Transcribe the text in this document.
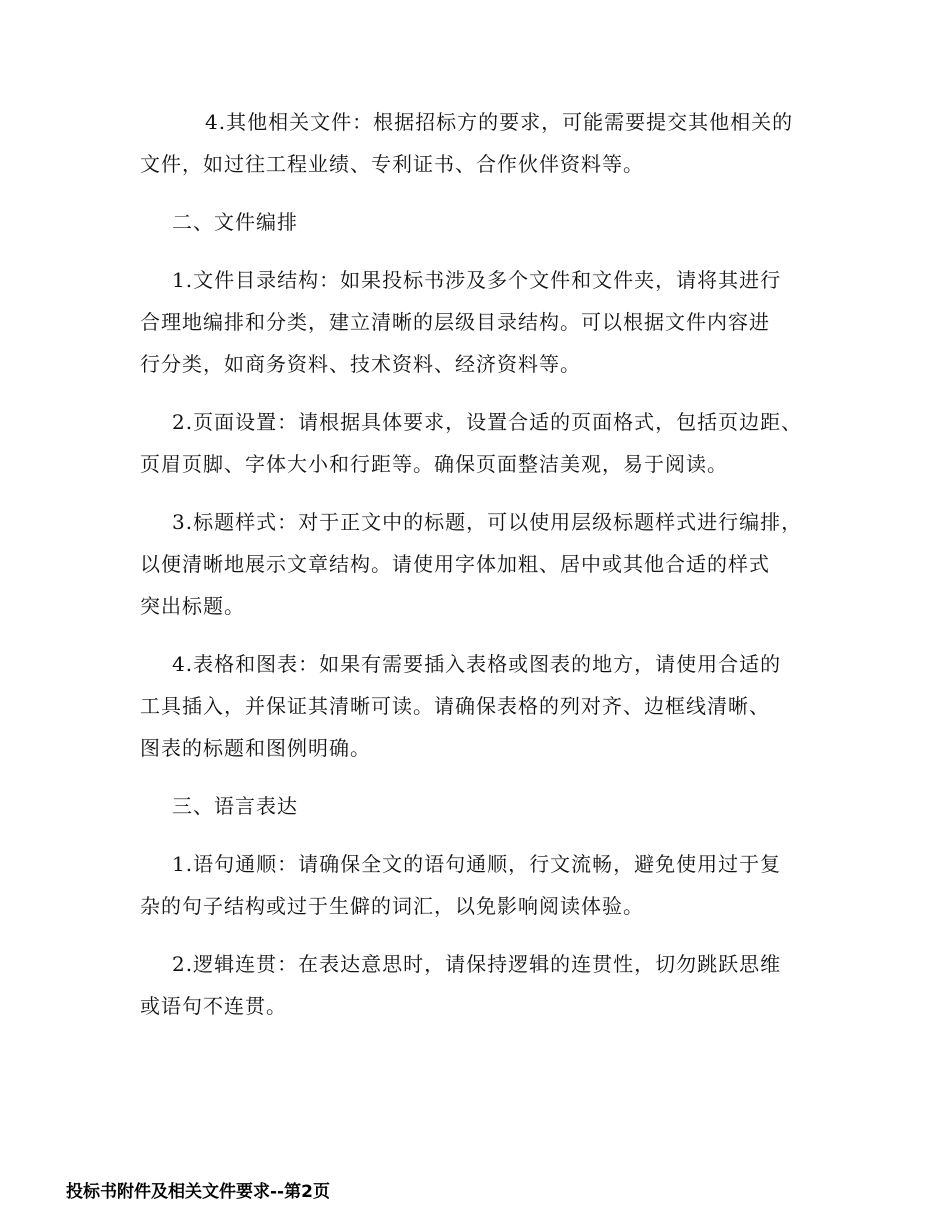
4.其他相关文件：根据招标方的要求，可能需要提交其他相关的
文件，如过往工程业绩、专利证书、合作伙伴资料等。
二、文件编排
1.文件目录结构：如果投标书涉及多个文件和文件夹，请将其进行
合理地编排和分类，建立清晰的层级目录结构。可以根据文件内容进
行分类，如商务资料、技术资料、经济资料等。
2.页面设置：请根据具体要求，设置合适的页面格式，包括页边距、
页眉页脚、字体大小和行距等。确保页面整洁美观，易于阅读。
3.标题样式：对于正文中的标题，可以使用层级标题样式进行编排，
以便清晰地展示文章结构。请使用字体加粗、居中或其他合适的样式
突出标题。
4.表格和图表：如果有需要插入表格或图表的地方，请使用合适的
工具插入，并保证其清晰可读。请确保表格的列对齐、边框线清晰、
图表的标题和图例明确。
三、语言表达
1.语句通顺：请确保全文的语句通顺，行文流畅，避免使用过于复
杂的句子结构或过于生僻的词汇，以免影响阅读体验。
2.逻辑连贯：在表达意思时，请保持逻辑的连贯性，切勿跳跃思维
或语句不连贯。
投标书附件及相关文件要求--第2页
